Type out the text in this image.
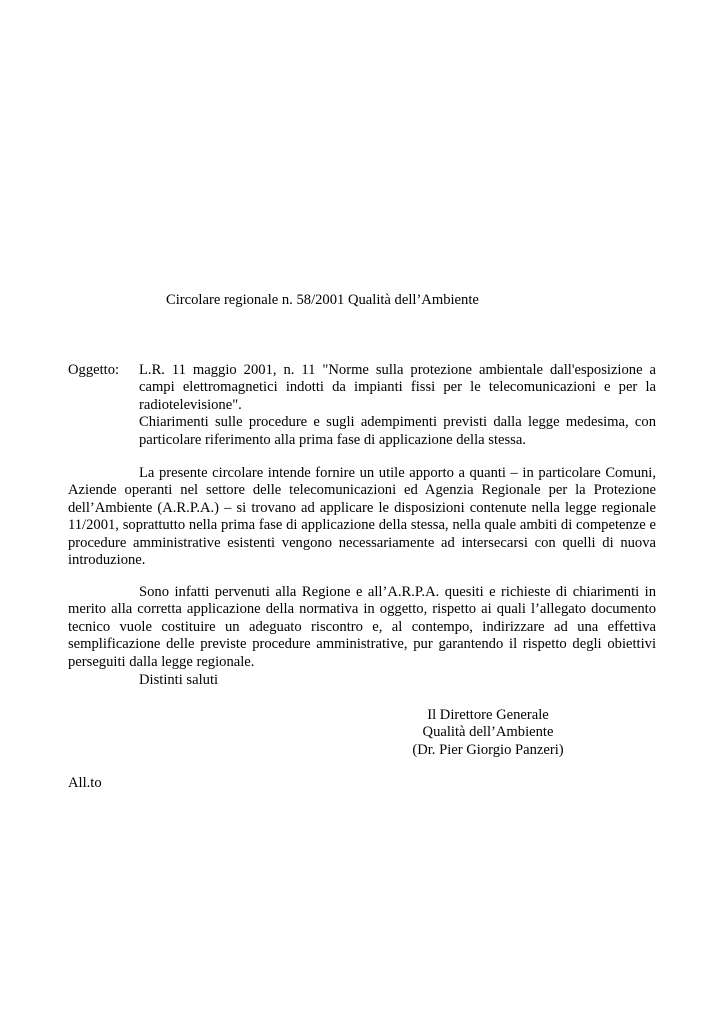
Circolare regionale n. 58/2001 Qualità dell’Ambiente
Oggetto: L.R. 11 maggio 2001, n. 11 "Norme sulla protezione ambientale dall'esposizione a campi elettromagnetici indotti da impianti fissi per le telecomunicazioni e per la radiotelevisione".

Chiarimenti sulle procedure e sugli adempimenti previsti dalla legge medesima, con particolare riferimento alla prima fase di applicazione della stessa.

La presente circolare intende fornire un utile apporto a quanti – in particolare Comuni, Aziende operanti nel settore delle telecomunicazioni ed Agenzia Regionale per la Protezione dell’Ambiente (A.R.P.A.) – si trovano ad applicare le disposizioni contenute nella legge regionale 11/2001, soprattutto nella prima fase di applicazione della stessa, nella quale ambiti di competenze e procedure amministrative esistenti vengono necessariamente ad intersecarsi con quelli di nuova introduzione.

Sono infatti pervenuti alla Regione e all’A.R.P.A. quesiti e richieste di chiarimenti in merito alla corretta applicazione della normativa in oggetto, rispetto ai quali l’allegato documento tecnico vuole costituire un adeguato riscontro e, al contempo, indirizzare ad una effettiva semplificazione delle previste procedure amministrative, pur garantendo il rispetto degli obiettivi perseguiti dalla legge regionale.

Distinti saluti
Il Direttore Generale
Qualità dell’Ambiente
(Dr. Pier Giorgio Panzeri)
All.to
